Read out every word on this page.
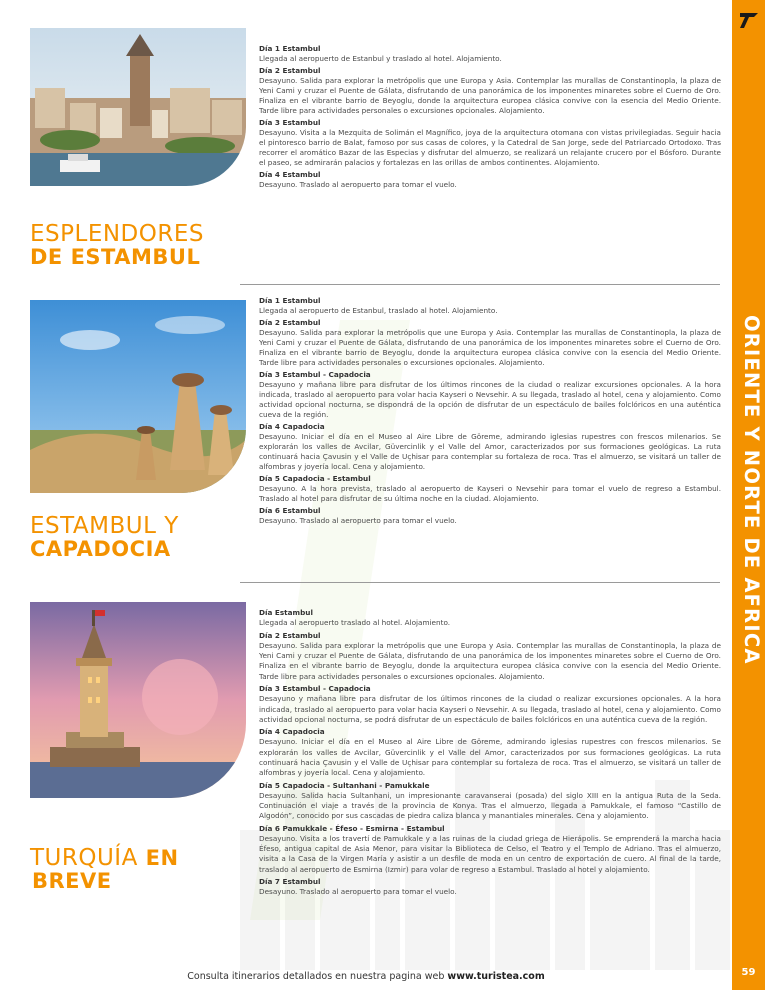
ORIENTE Y NORTE DE AFRICA
59
ESPLENDORES
DE ESTAMBUL
Día 1 Estambul

Llegada al aeropuerto de Estanbul y traslado al hotel. Alojamiento.

Día 2 Estambul

Desayuno. Salida para explorar la metrópolis que une Europa y Asia. Contemplar las murallas de Constantinopla, la plaza de Yeni Cami y cruzar el Puente de Gálata, disfrutando de una panorámica de los imponentes minaretes sobre el Cuerno de Oro. Finaliza en el vibrante barrio de Beyoglu, donde la arquitectura europea clásica convive con la esencia del Medio Oriente. Tarde libre para actividades personales o excursiones opcionales. Alojamiento.

Día 3 Estambul

Desayuno. Visita a la Mezquita de Solimán el Magnífico, joya de la arquitectura otomana con vistas privilegiadas. Seguir hacia el pintoresco barrio de Balat, famoso por sus casas de colores, y la Catedral de San Jorge, sede del Patriarcado Ortodoxo. Tras recorrer el aromático Bazar de las Especias y disfrutar del almuerzo, se realizará un relajante crucero por el Bósforo. Durante el paseo, se admirarán palacios y fortalezas en las orillas de ambos continentes. Alojamiento.

Día 4 Estambul

Desayuno. Traslado al aeropuerto para tomar el vuelo.

ESTAMBUL Y
CAPADOCIA
Día 1 Estambul

Llegada al aeropuerto de Estanbul, traslado al hotel. Alojamiento.

Día 2 Estambul

Desayuno. Salida para explorar la metrópolis que une Europa y Asia. Contemplar las murallas de Constantinopla, la plaza de Yeni Cami y cruzar el Puente de Gálata, disfrutando de una panorámica de los imponentes minaretes sobre el Cuerno de Oro. Finaliza en el vibrante barrio de Beyoglu, donde la arquitectura europea clásica convive con la esencia del Medio Oriente. Tarde libre para actividades personales o excursiones opcionales. Alojamiento.

Día 3 Estambul - Capadocia

Desayuno y mañana libre para disfrutar de los últimos rincones de la ciudad o realizar excursiones opcionales. A la hora indicada, traslado al aeropuerto para volar hacia Kayseri o Nevsehir. A su llegada, traslado al hotel, cena y alojamiento. Como actividad opcional nocturna, se dispondrá de la opción de disfrutar de un espectáculo de bailes folclóricos en una auténtica cueva de la región.

Día 4 Capadocia

Desayuno. Iniciar el día en el Museo al Aire Libre de Göreme, admirando iglesias rupestres con frescos milenarios. Se explorarán los valles de Avcilar, Güvercinlik y el Valle del Amor, caracterizados por sus formaciones geológicas. La ruta continuará hacia Çavusin y el Valle de Uçhisar para contemplar su fortaleza de roca. Tras el almuerzo, se visitará un taller de alfombras y joyería local. Cena y alojamiento.

Día 5 Capadocia - Estambul

Desayuno. A la hora prevista, traslado al aeropuerto de Kayseri o Nevsehir para tomar el vuelo de regreso a Estambul. Traslado al hotel para disfrutar de su última noche en la ciudad. Alojamiento.

Día 6 Estambul

Desayuno. Traslado al aeropuerto para tomar el vuelo.

TURQUÍA EN
BREVE
Día Estambul

Llegada al aeropuerto traslado al hotel. Alojamiento.

Día 2 Estambul

Desayuno. Salida para explorar la metrópolis que une Europa y Asia. Contemplar las murallas de Constantinopla, la plaza de Yeni Cami y cruzar el Puente de Gálata, disfrutando de una panorámica de los imponentes minaretes sobre el Cuerno de Oro. Finaliza en el vibrante barrio de Beyoglu, donde la arquitectura europea clásica convive con la esencia del Medio Oriente. Tarde libre para actividades personales o excursiones opcionales. Alojamiento.

Día 3 Estambul - Capadocia

Desayuno y mañana libre para disfrutar de los últimos rincones de la ciudad o realizar excursiones opcionales. A la hora indicada, traslado al aeropuerto para volar hacia Kayseri o Nevsehir. A su llegada, traslado al hotel, cena y alojamiento. Como actividad opcional nocturna, se podrá disfrutar de un espectáculo de bailes folclóricos en una auténtica cueva de la región.

Día 4 Capadocia

Desayuno. Iniciar el día en el Museo al Aire Libre de Göreme, admirando iglesias rupestres con frescos milenarios. Se explorarán los valles de Avcilar, Güvercinlik y el Valle del Amor, caracterizados por sus formaciones geológicas. La ruta continuará hacia Çavusin y el Valle de Uçhisar para contemplar su fortaleza de roca. Tras el almuerzo, se visitará un taller de alfombras y joyería local. Cena y alojamiento.

Día 5 Capadocia - Sultanhani - Pamukkale

Desayuno. Salida hacia Sultanhani, un impresionante caravanserai (posada) del siglo XIII en la antigua Ruta de la Seda. Continuación el viaje a través de la provincia de Konya. Tras el almuerzo, llegada a Pamukkale, el famoso “Castillo de Algodón”, conocido por sus cascadas de piedra caliza blanca y manantiales minerales. Cena y alojamiento.

Día 6 Pamukkale - Éfeso - Esmirna - Estambul

Desayuno. Visita a los travertí de Pamukkale y a las ruinas de la ciudad griega de Hierápolis. Se emprenderá la marcha hacia Éfeso, antigua capital de Asia Menor, para visitar la Biblioteca de Celso, el Teatro y el Templo de Adriano. Tras el almuerzo, visita a la Casa de la Virgen María y asistir a un desfile de moda en un centro de exportación de cuero. Al final de la tarde, traslado al aeropuerto de Esmirna (Izmir) para volar de regreso a Estambul. Traslado al hotel y alojamiento.

Día 7 Estambul

Desayuno. Traslado al aeropuerto para tomar el vuelo.

Consulta itinerarios detallados en nuestra pagina web www.turistea.com
